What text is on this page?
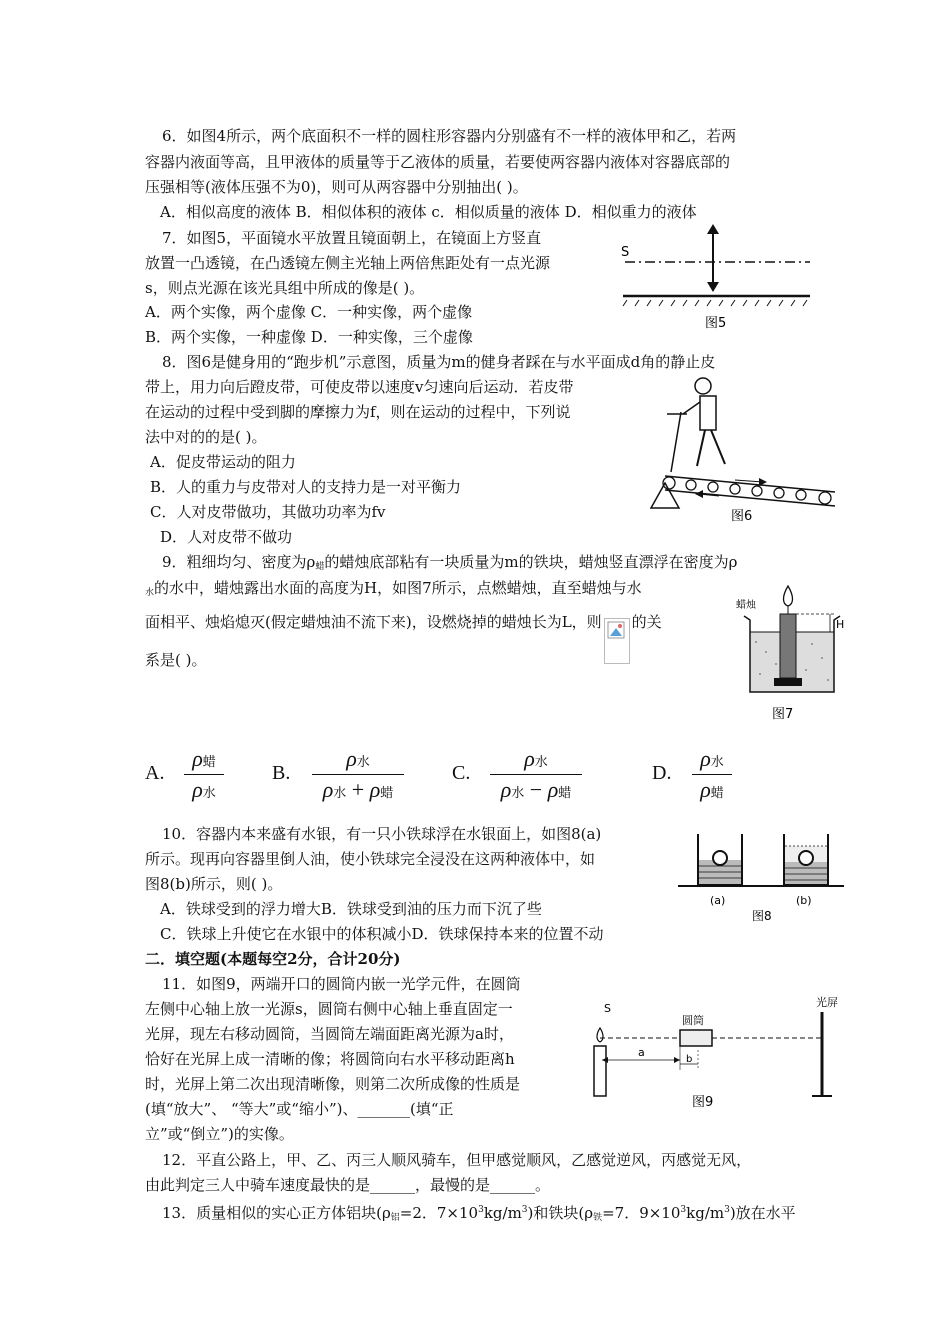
6．如图4所示，两个底面积不一样的圆柱形容器内分别盛有不一样的液体甲和乙，若两
容器内液面等高，且甲液体的质量等于乙液体的质量，若要使两容器内液体对容器底部的
压强相等(液体压强不为0)，则可从两容器中分别抽出( )。
A．相似高度的液体 B．相似体积的液体 c．相似质量的液体 D．相似重力的液体
7．如图5，平面镜水平放置且镜面朝上，在镜面上方竖直
放置一凸透镜，在凸透镜左侧主光轴上两倍焦距处有一点光源
s，则点光源在该光具组中所成的像是( )。
A．两个实像，两个虚像 C．一种实像，两个虚像
B．两个实像，一种虚像 D．一种实像，三个虚像
S
图5
8．图6是健身用的“跑步机”示意图，质量为m的健身者踩在与水平面成d角的静止皮
带上，用力向后蹬皮带，可使皮带以速度v匀速向后运动．若皮带
在运动的过程中受到脚的摩擦力为f，则在运动的过程中，下列说
法中对的的是( )。
A．促皮带运动的阻力
B．人的重力与皮带对人的支持力是一对平衡力
C．人对皮带做功，其做功功率为fv
D．人对皮带不做功
图6
9．粗细均匀、密度为$\rho_蜡$的蜡烛底部粘有一块质量为m的铁块，蜡烛竖直漂浮在密度为ρ
$_水$的水中，蜡烛露出水面的高度为H，如图7所示，点燃蜡烛，直至蜡烛与水
面相平、烛焰熄灭(假定蜡烛油不流下来)，设燃烧掉的蜡烛长为L，则 的关
系是( )。
蜡烛
H
图7
A.
ρ蜡
ρ水
B.
ρ水
ρ水 + ρ蜡
C.
ρ水
ρ水 − ρ蜡
D.
ρ水
ρ蜡
10．容器内本来盛有水银，有一只小铁球浮在水银面上，如图8(a)
所示。现再向容器里倒人油，使小铁球完全浸没在这两种液体中，如
图8(b)所示，则( )。
A．铁球受到的浮力增大B．铁球受到油的压力而下沉了些
C．铁球上升使它在水银中的体积减小D．铁球保持本来的位置不动
(a)	(b)
图8
二．填空题(本题每空2分，合计20分)
11．如图9，两端开口的圆筒内嵌一光学元件，在圆筒
左侧中心轴上放一光源s，圆筒右侧中心轴上垂直固定一
光屏，现左右移动圆筒，当圆筒左端面距离光源为a时，
恰好在光屏上成一清晰的像；将圆筒向右水平移动距离h
时，光屏上第二次出现清晰像，则第二次所成像的性质是
(填“放大”、 “等大”或“缩小”)、_______(填“正
立”或“倒立”)的实像。
S
圆筒
光屏
a
b
图9
12．平直公路上，甲、乙、丙三人顺风骑车，但甲感觉顺风，乙感觉逆风，丙感觉无风，
由此判定三人中骑车速度最快的是______，最慢的是______。
13．质量相似的实心正方体铝块($\rho_铝=2$．$7\times 10^3kg/m^3$)和铁块($\rho_铁=7$．$9\times 10^3kg/m^3$)放在水平
